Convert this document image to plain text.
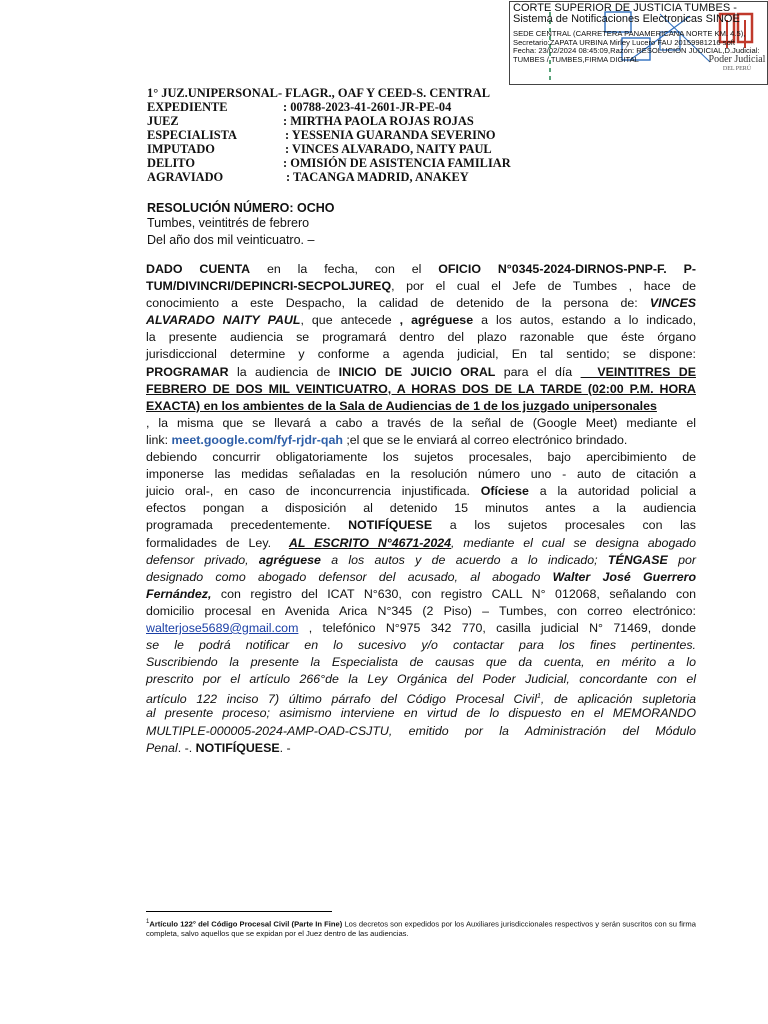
Poder Judicial
DEL PERÚ
CORTE SUPERIOR DE JUSTICIA TUMBES -
Sistema de Notificaciones Electronicas SINOE
SEDE CENTRAL (CARRETERA PANAMERICANA NORTE KM. 4.5),
Secretario:ZAPATA URBINA Mirley Lucero FAU 20159981216 soft
Fecha: 23/02/2024 08:45:09,Razón: RESOLUCIÓN JUDICIAL,D.Judicial:
TUMBES / TUMBES,FIRMA DIGITAL
1° JUZ.UNIPERSONAL- FLAGR., OAF Y CEED-S. CENTRAL
EXPEDIENTE	: 00788-2023-41-2601-JR-PE-04
JUEZ	: MIRTHA PAOLA ROJAS ROJAS
ESPECIALISTA	: YESSENIA GUARANDA SEVERINO
IMPUTADO	: VINCES ALVARADO, NAITY PAUL
DELITO	: OMISIÓN DE ASISTENCIA FAMILIAR
AGRAVIADO	: TACANGA MADRID, ANAKEY
RESOLUCIÓN NÚMERO: OCHO
Tumbes, veintitrés de febrero
Del año dos mil veinticuatro. –
DADO CUENTA en la fecha, con el OFICIO N°0345-2024-DIRNOS-PNP-F. P-
TUM/DIVINCRI/DEPINCRI-SECPOLJUREQ, por el cual el Jefe de Tumbes , hace de
conocimiento a este Despacho, la calidad de detenido de la persona de: VINCES
ALVARADO NAITY PAUL, que antecede , agréguese a los autos, estando a lo indicado,
la presente audiencia se programará dentro del plazo razonable que éste órgano
jurisdiccional determine y conforme a agenda judicial, En tal sentido; se dispone:
PROGRAMAR la audiencia de INICIO DE JUICIO ORAL para el día   VEINTITRES DE
FEBRERO DE DOS MIL VEINTICUATRO, A HORAS DOS DE LA TARDE (02:00 P.M. HORA
EXACTA) en los ambientes de la Sala de Audiencias de 1 de los juzgado unipersonales
, la misma que se llevará a cabo a través de la señal de (Google Meet) mediante el
link: meet.google.com/fyf-rjdr-qah ;el que se le enviará al correo electrónico brindado.
debiendo concurrir obligatoriamente los sujetos procesales, bajo apercibimiento de
imponerse las medidas señaladas en la resolución número uno - auto de citación a
juicio oral-, en caso de inconcurrencia injustificada. Ofíciese a la autoridad policial a
efectos pongan a disposición al detenido 15 minutos antes a la audiencia
programada precedentemente. NOTIFÍQUESE a los sujetos procesales con las
formalidades de Ley.  AL ESCRITO N°4671-2024, mediante el cual se designa abogado
defensor privado, agréguese a los autos y de acuerdo a lo indicado; TÉNGASE por
designado como abogado defensor del acusado, al abogado Walter José Guerrero
Fernández, con registro del ICAT N°630, con registro CALL N° 012068, señalando con
domicilio procesal en Avenida Arica N°345 (2 Piso) – Tumbes, con correo electrónico:
walterjose5689@gmail.com , telefónico N°975 342 770, casilla judicial N° 71469, donde
se le podrá notificar en lo sucesivo y/o contactar para los fines pertinentes.
Suscribiendo la presente la Especialista de causas que da cuenta, en mérito a lo
prescrito por el artículo 266°de la Ley Orgánica del Poder Judicial, concordante con el
artículo 122 inciso 7) último párrafo del Código Procesal Civil$^1$, de aplicación supletoria
al presente proceso; asimismo interviene en virtud de lo dispuesto en el MEMORANDO
MULTIPLE-000005-2024-AMP-OAD-CSJTU, emitido por la Administración del Módulo
Penal. -. NOTIFÍQUESE. -
$^1$Artículo 122° del Código Procesal Civil (Parte In Fine) Los decretos son expedidos por los Auxiliares jurisdiccionales respectivos y serán suscritos con su firma
completa, salvo aquellos que se expidan por el Juez dentro de las audiencias.
